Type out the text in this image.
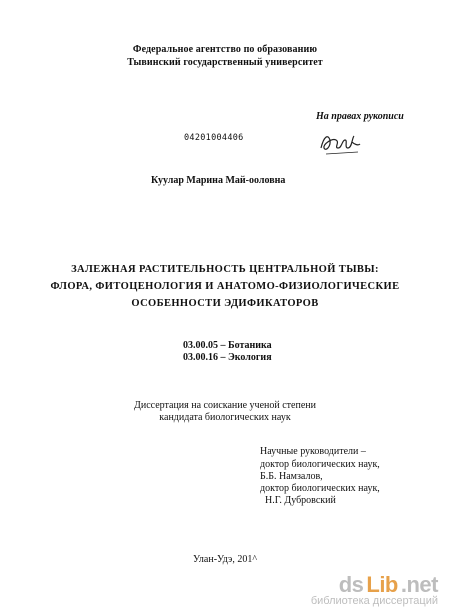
Федеральное агентство по образованию
Тывинский государственный университет
На правах рукописи
04201004406
Куулар Марина Май-ооловна
ЗАЛЕЖНАЯ РАСТИТЕЛЬНОСТЬ ЦЕНТРАЛЬНОЙ ТЫВЫ:
ФЛОРА, ФИТОЦЕНОЛОГИЯ И АНАТОМО-ФИЗИОЛОГИЧЕСКИЕ
ОСОБЕННОСТИ ЭДИФИКАТОРОВ
03.00.05 – Ботаника
03.00.16 – Экология
Диссертация на соискание ученой степени
кандидата биологических наук
Научные руководители –
доктор биологических наук,
Б.Б. Намзалов,
доктор биологических наук,
Н.Г. Дубровский
Улан-Удэ, 201^
ds Lib .net
библиотека диссертаций
